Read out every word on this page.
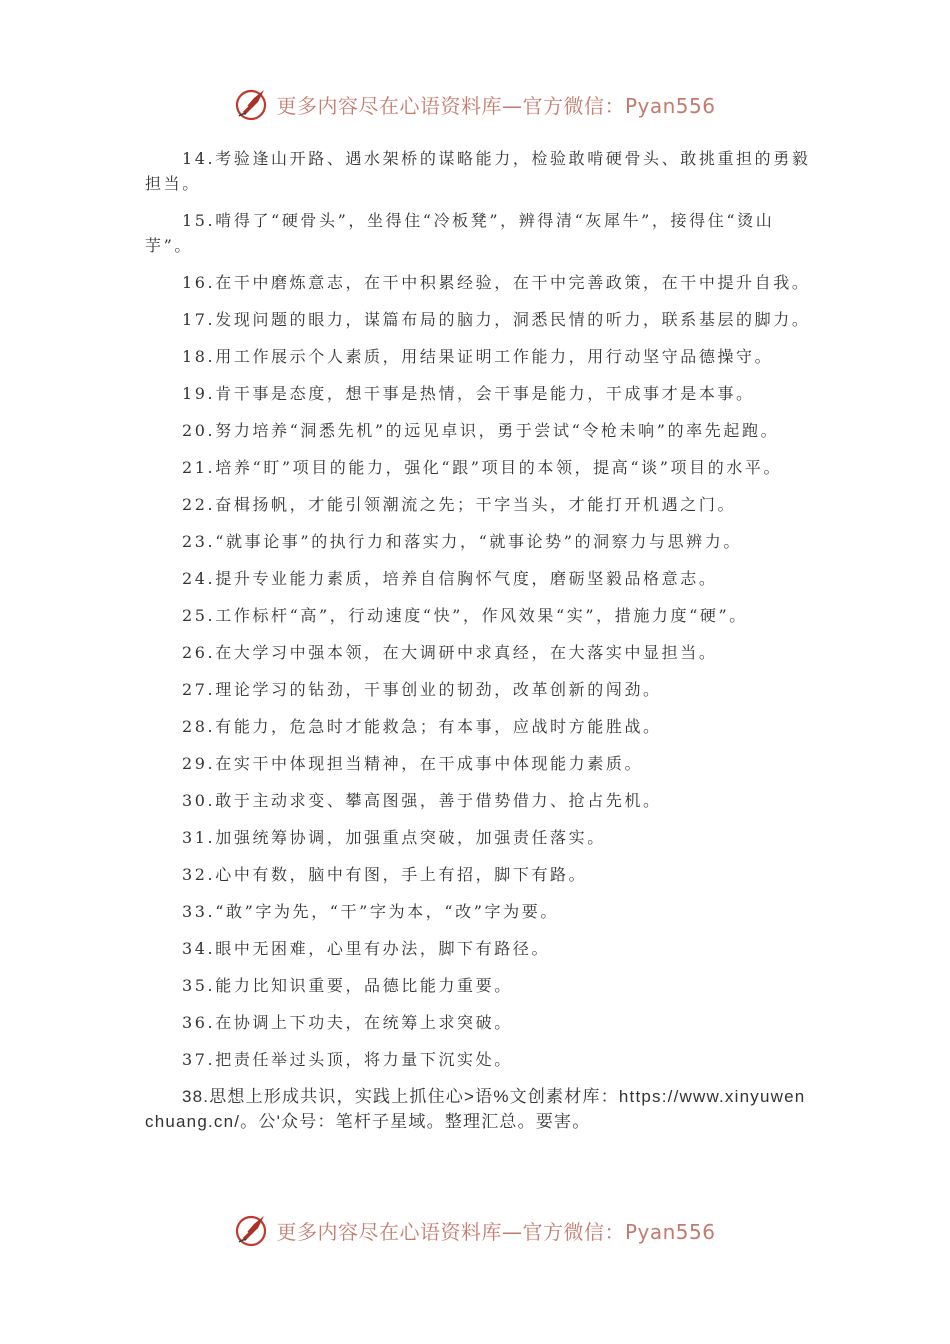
更多内容尽在心语资料库—官方微信：Pyan556

14.考验逢山开路、遇水架桥的谋略能力，检验敢啃硬骨头、敢挑重担的勇毅担当。

15.啃得了“硬骨头”，坐得住“冷板凳”，辨得清“灰犀牛”，接得住“烫山芋”。

16.在干中磨炼意志，在干中积累经验，在干中完善政策，在干中提升自我。

17.发现问题的眼力，谋篇布局的脑力，洞悉民情的听力，联系基层的脚力。

18.用工作展示个人素质，用结果证明工作能力，用行动坚守品德操守。

19.肯干事是态度，想干事是热情，会干事是能力，干成事才是本事。

20.努力培养“洞悉先机”的远见卓识，勇于尝试“令枪未响”的率先起跑。

21.培养“盯”项目的能力，强化“跟”项目的本领，提高“谈”项目的水平。

22.奋楫扬帆，才能引领潮流之先；干字当头，才能打开机遇之门。

23.“就事论事”的执行力和落实力，“就事论势”的洞察力与思辨力。

24.提升专业能力素质，培养自信胸怀气度，磨砺坚毅品格意志。

25.工作标杆“高”，行动速度“快”，作风效果“实”，措施力度“硬”。

26.在大学习中强本领，在大调研中求真经，在大落实中显担当。

27.理论学习的钻劲，干事创业的韧劲，改革创新的闯劲。

28.有能力，危急时才能救急；有本事，应战时方能胜战。

29.在实干中体现担当精神，在干成事中体现能力素质。

30.敢于主动求变、攀高图强，善于借势借力、抢占先机。

31.加强统筹协调，加强重点突破，加强责任落实。

32.心中有数，脑中有图，手上有招，脚下有路。

33.“敢”字为先，“干”字为本，“改”字为要。

34.眼中无困难，心里有办法，脚下有路径。

35.能力比知识重要，品德比能力重要。

36.在协调上下功夫，在统筹上求突破。

37.把责任举过头顶，将力量下沉实处。

38.思想上形成共识，实践上抓住心>语%文创素材库：https://www.xinyuwenchuang.cn/。公'众号：笔杆子星域。整理汇总。要害。

更多内容尽在心语资料库—官方微信：Pyan556
